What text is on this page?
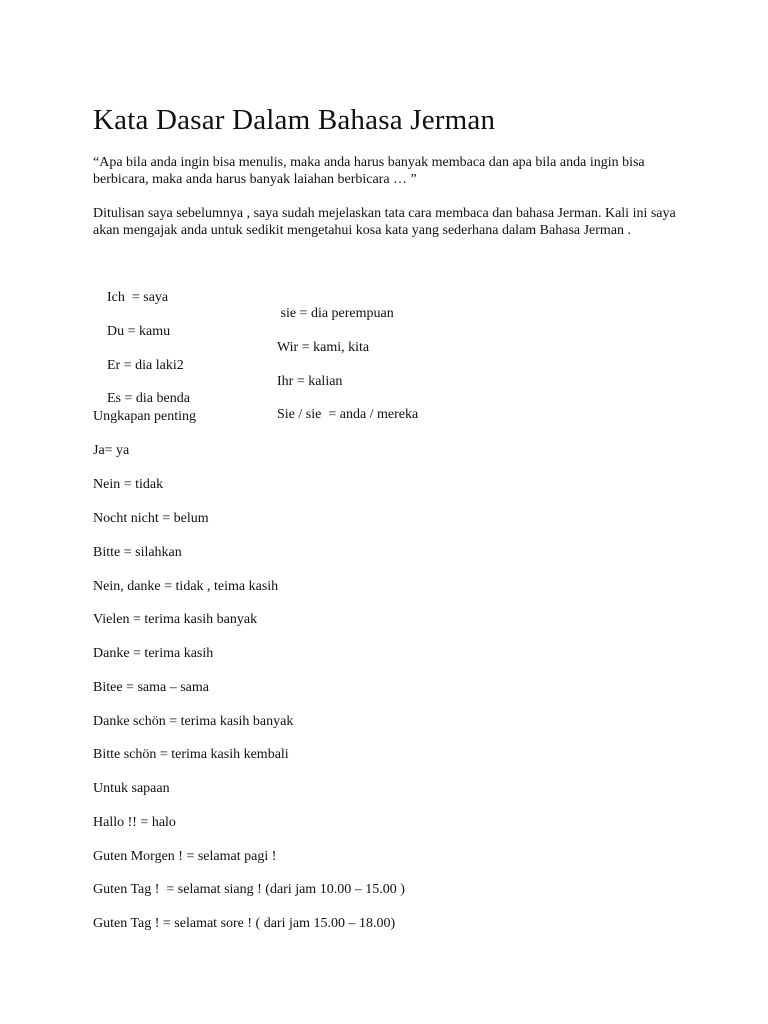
Kata Dasar Dalam Bahasa Jerman

“Apa bila anda ingin bisa menulis, maka anda harus banyak membaca dan apa bila anda ingin bisa berbicara, maka anda harus banyak laiahan berbicara … ”

Ditulisan saya sebelumnya , saya sudah mejelaskan tata cara membaca dan bahasa Jerman. Kali ini saya akan mengajak anda untuk sedikit mengetahui kosa kata yang sederhana dalam Bahasa Jerman .

Ich  = saya

sie = dia perempuan

Du = kamu

Wir = kami, kita

Er = dia laki2

Ihr = kalian

Es = dia benda

Sie / sie  = anda / mereka

Ungkapan penting

Ja= ya

Nein = tidak

Nocht nicht = belum

Bitte = silahkan

Nein, danke = tidak , teima kasih

Vielen = terima kasih banyak

Danke = terima kasih

Bitee = sama – sama

Danke schön = terima kasih banyak

Bitte schön = terima kasih kembali

Untuk sapaan

Hallo !! = halo

Guten Morgen ! = selamat pagi !

Guten Tag !  = selamat siang ! (dari jam 10.00 – 15.00 )

Guten Tag ! = selamat sore ! ( dari jam 15.00 – 18.00)
